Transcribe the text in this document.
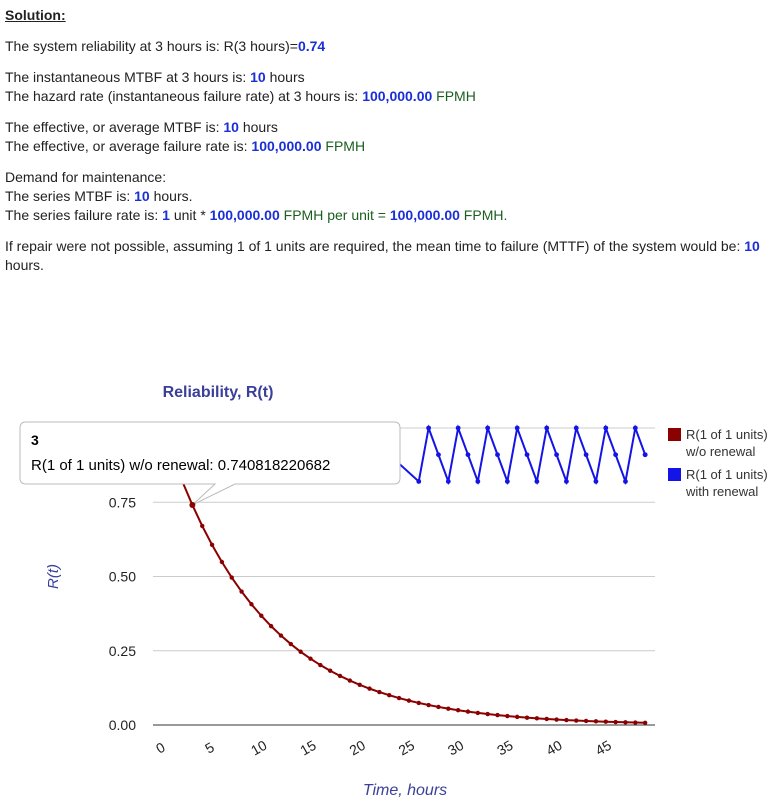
Solution:

The system reliability at 3 hours is: R(3 hours)=0.74

The instantaneous MTBF at 3 hours is: 10 hours
The hazard rate (instantaneous failure rate) at 3 hours is: 100,000.00 FPMH

The effective, or average MTBF is: 10 hours
The effective, or average failure rate is: 100,000.00 FPMH

Demand for maintenance:
The series MTBF is: 10 hours.
The series failure rate is: 1 unit * 100,000.00 FPMH per unit = 100,000.00 FPMH.

If repair were not possible, assuming 1 of 1 units are required, the mean time to failure (MTTF) of the system would be: 10 hours.

Reliability, R(t)
0.00
0.25
0.50
0.75
0 5 10 15 20 25 30 35 40 45
R(t)
Time, hours
R(1 of 1 units)
w/o renewal
R(1 of 1 units)
with renewal
3
R(1 of 1 units) w/o renewal: 0.740818220682
